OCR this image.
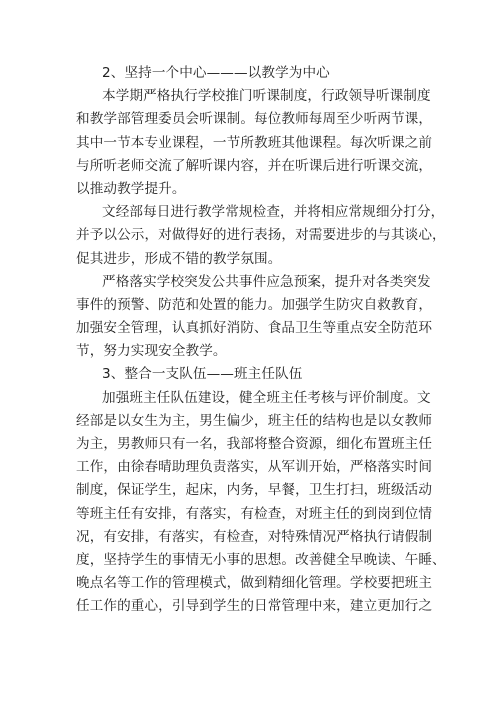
2、坚持一个中心———以教学为中心
本学期严格执行学校推门听课制度，行政领导听课制度
和教学部管理委员会听课制。每位教师每周至少听两节课，
其中一节本专业课程，一节所教班其他课程。每次听课之前
与所听老师交流了解听课内容，并在听课后进行听课交流，
以推动教学提升。
文经部每日进行教学常规检查，并将相应常规细分打分，
并予以公示，对做得好的进行表扬，对需要进步的与其谈心，
促其进步，形成不错的教学氛围。
严格落实学校突发公共事件应急预案，提升对各类突发
事件的预警、防范和处置的能力。加强学生防灾自救教育，
加强安全管理，认真抓好消防、食品卫生等重点安全防范环
节，努力实现安全教学。
3、整合一支队伍——班主任队伍
加强班主任队伍建设，健全班主任考核与评价制度。文
经部是以女生为主，男生偏少，班主任的结构也是以女教师
为主，男教师只有一名，我部将整合资源，细化布置班主任
工作，由徐春晴助理负责落实，从军训开始，严格落实时间
制度，保证学生，起床，内务，早餐，卫生打扫，班级活动
等班主任有安排，有落实，有检查，对班主任的到岗到位情
况，有安排，有落实，有检查，对特殊情况严格执行请假制
度，坚持学生的事情无小事的思想。改善健全早晚读、午睡、
晚点名等工作的管理模式，做到精细化管理。学校要把班主
任工作的重心，引导到学生的日常管理中来，建立更加行之
